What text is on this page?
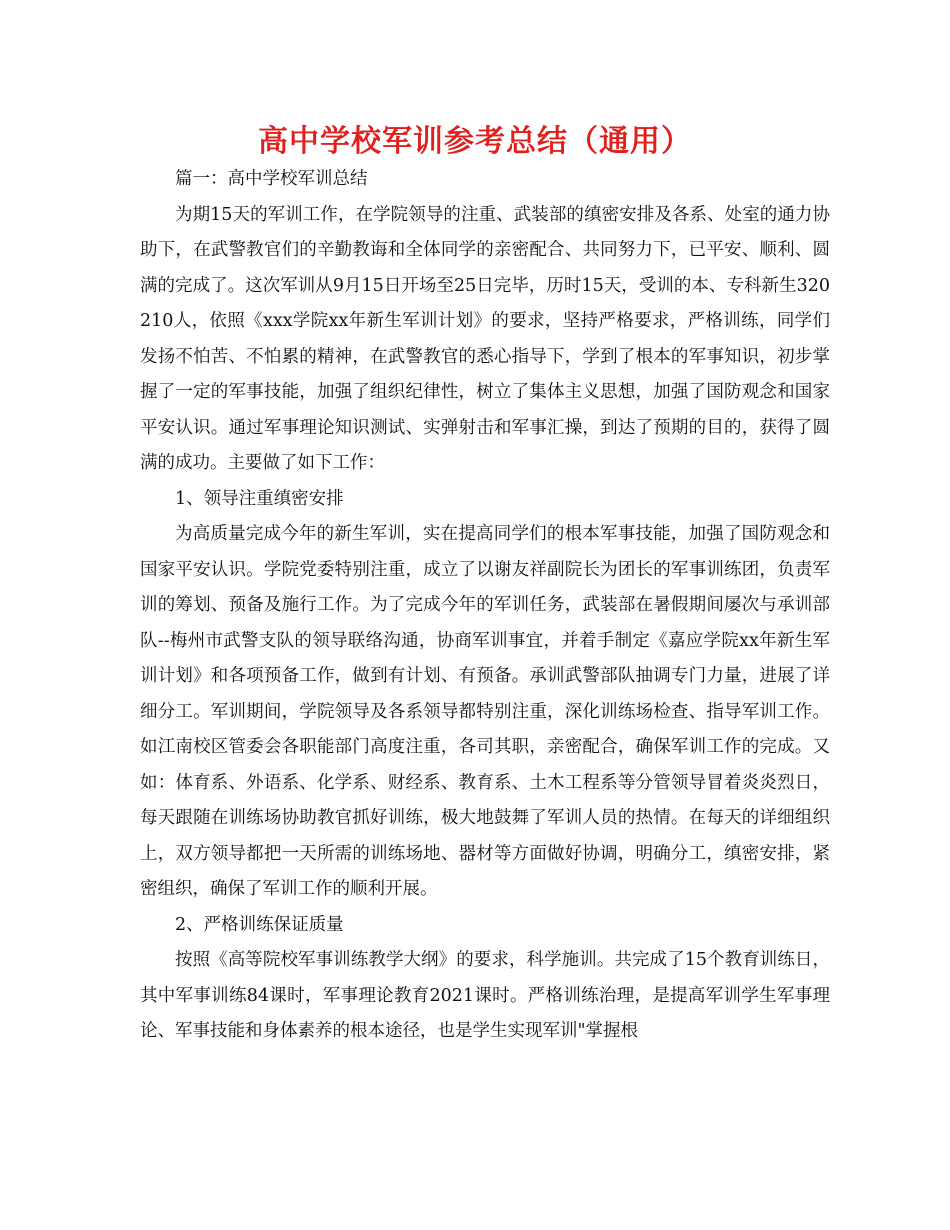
高中学校军训参考总结（通用）

篇一：高中学校军训总结

为期15天的军训工作，在学院领导的注重、武装部的缜密安排及各系、处室的通力协助下，在武警教官们的辛勤教诲和全体同学的亲密配合、共同努力下，已平安、顺利、圆满的完成了。这次军训从9月15日开场至25日完毕，历时15天，受训的本、专科新生320210人，依照《xxx学院xx年新生军训计划》的要求，坚持严格要求，严格训练，同学们发扬不怕苦、不怕累的精神，在武警教官的悉心指导下，学到了根本的军事知识，初步掌握了一定的军事技能，加强了组织纪律性，树立了集体主义思想，加强了国防观念和国家平安认识。通过军事理论知识测试、实弹射击和军事汇操，到达了预期的目的，获得了圆满的成功。主要做了如下工作：

1、领导注重缜密安排

为高质量完成今年的新生军训，实在提高同学们的根本军事技能，加强了国防观念和国家平安认识。学院党委特别注重，成立了以谢友祥副院长为团长的军事训练团，负责军训的筹划、预备及施行工作。为了完成今年的军训任务，武装部在暑假期间屡次与承训部队--梅州市武警支队的领导联络沟通，协商军训事宜，并着手制定《嘉应学院xx年新生军训计划》和各项预备工作，做到有计划、有预备。承训武警部队抽调专门力量，进展了详细分工。军训期间，学院领导及各系领导都特别注重，深化训练场检查、指导军训工作。如江南校区管委会各职能部门高度注重，各司其职，亲密配合，确保军训工作的完成。又如：体育系、外语系、化学系、财经系、教育系、土木工程系等分管领导冒着炎炎烈日，每天跟随在训练场协助教官抓好训练，极大地鼓舞了军训人员的热情。在每天的详细组织上，双方领导都把一天所需的训练场地、器材等方面做好协调，明确分工，缜密安排，紧密组织，确保了军训工作的顺利开展。

2、严格训练保证质量

按照《高等院校军事训练教学大纲》的要求，科学施训。共完成了15个教育训练日，其中军事训练84课时，军事理论教育2021课时。严格训练治理，是提高军训学生军事理论、军事技能和身体素养的根本途径，也是学生实现军训"掌握根
